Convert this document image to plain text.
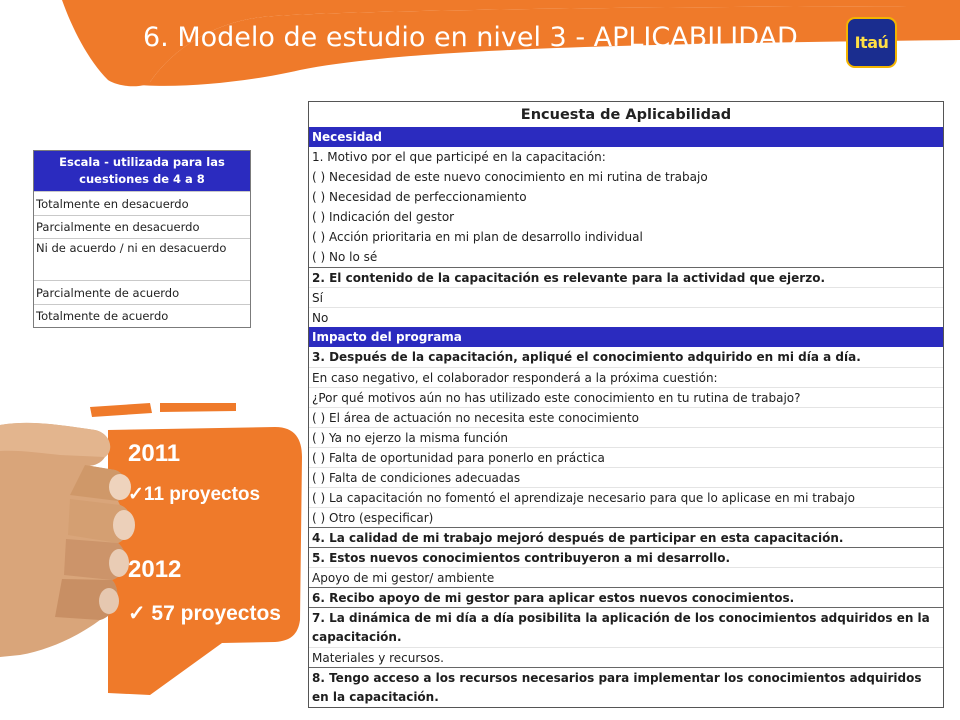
6. Modelo de estudio en nivel 3 - APLICABILIDAD	Itaú
Escala - utilizada para las cuestiones de 4 a 8
Totalmente en desacuerdo
Parcialmente en desacuerdo
Ni de acuerdo / ni en desacuerdo
Parcialmente de acuerdo
Totalmente de acuerdo
Encuesta de Aplicabilidad
Necesidad
1. Motivo por el que participé en la capacitación:
( ) Necesidad de este nuevo conocimiento en mi rutina de trabajo
( ) Necesidad de perfeccionamiento
( ) Indicación del gestor
( ) Acción prioritaria en mi plan de desarrollo individual
( ) No lo sé
2. El contenido de la capacitación es relevante para la actividad que ejerzo.
Sí
No
Impacto del programa
3. Después de la capacitación, apliqué el conocimiento adquirido en mi día a día.
En caso negativo, el colaborador responderá a la próxima cuestión:
¿Por qué motivos aún no has utilizado este conocimiento en tu rutina de trabajo?
( ) El área de actuación no necesita este conocimiento
( ) Ya no ejerzo la misma función
( ) Falta de oportunidad para ponerlo en práctica
( ) Falta de condiciones adecuadas
( ) La capacitación no fomentó el aprendizaje necesario para que lo aplicase en mi trabajo
( ) Otro (especificar)
4. La calidad de mi trabajo mejoró después de participar en esta capacitación.
5. Estos nuevos conocimientos contribuyeron a mi desarrollo.
Apoyo de mi gestor/ ambiente
6. Recibo apoyo de mi gestor para aplicar estos nuevos conocimientos.
7. La dinámica de mi día a día posibilita la aplicación de los conocimientos adquiridos en la capacitación.
Materiales y recursos.
8. Tengo acceso a los recursos necesarios para implementar los conocimientos adquiridos en la capacitación.
2011
✓11 proyectos
2012
✓ 57 proyectos
